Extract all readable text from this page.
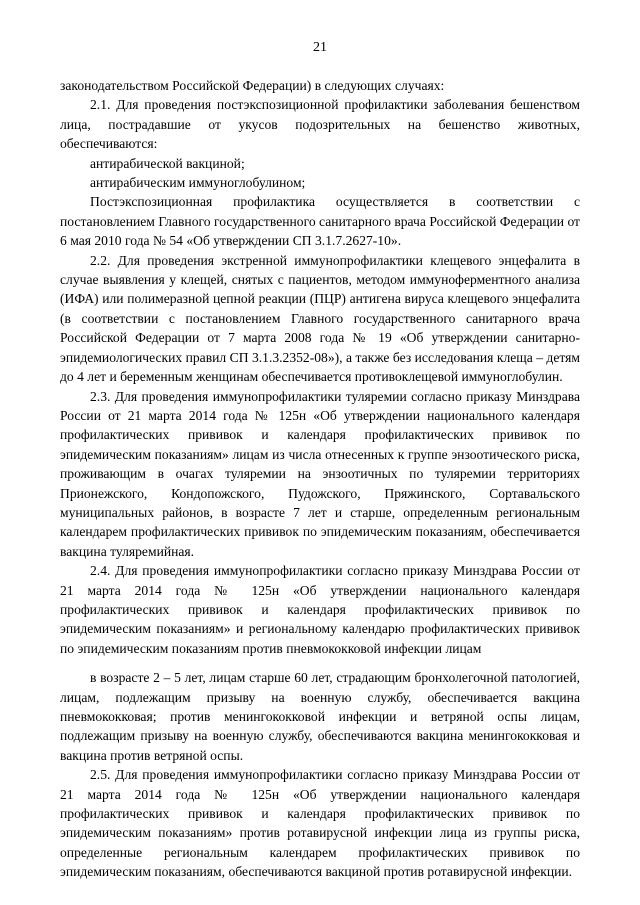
21

законодательством Российской Федерации) в следующих случаях:

2.1. Для проведения постэкспозиционной профилактики заболевания бешенством лица, пострадавшие от укусов подозрительных на бешенство животных, обеспечиваются:

антирабической вакциной;

антирабическим иммуноглобулином;

Постэкспозиционная профилактика осуществляется в соответствии с постановлением Главного государственного санитарного врача Российской Федерации от 6 мая 2010 года № 54 «Об утверждении СП 3.1.7.2627-10».

2.2. Для проведения экстренной иммунопрофилактики клещевого энцефалита в случае выявления у клещей, снятых с пациентов, методом иммуноферментного анализа (ИФА) или полимеразной цепной реакции (ПЦР) антигена вируса клещевого энцефалита (в соответствии с постановлением Главного государственного санитарного врача Российской Федерации от 7 марта 2008 года № 19 «Об утверждении санитарно-эпидемиологических правил СП 3.1.3.2352-08»), а также без исследования клеща – детям до 4 лет и беременным женщинам обеспечивается противоклещевой иммуноглобулин.

2.3. Для проведения иммунопрофилактики туляремии согласно приказу Минздрава России от 21 марта 2014 года № 125н «Об утверждении национального календаря профилактических прививок и календаря профилактических прививок по эпидемическим показаниям» лицам из числа отнесенных к группе энзоотического риска, проживающим в очагах туляремии на энзоотичных по туляремии территориях Прионежского, Кондопожского, Пудожского, Пряжинского, Сортавальского муниципальных районов, в возрасте 7 лет и старше, определенным региональным календарем профилактических прививок по эпидемическим показаниям, обеспечивается вакцина туляремийная.

2.4. Для проведения иммунопрофилактики согласно приказу Минздрава России от 21 марта 2014 года № 125н «Об утверждении национального календаря профилактических прививок и календаря профилактических прививок по эпидемическим показаниям» и региональному календарю профилактических прививок по эпидемическим показаниям против пневмококковой инфекции лицам

в возрасте 2 – 5 лет, лицам старше 60 лет, страдающим бронхолегочной патологией, лицам, подлежащим призыву на военную службу, обеспечивается вакцина пневмококковая; против менингококковой инфекции и ветряной оспы лицам, подлежащим призыву на военную службу, обеспечиваются вакцина менингококковая и вакцина против ветряной оспы.

2.5. Для проведения иммунопрофилактики согласно приказу Минздрава России от 21 марта 2014 года № 125н «Об утверждении национального календаря профилактических прививок и календаря профилактических прививок по эпидемическим показаниям» против ротавирусной инфекции лица из группы риска, определенные региональным календарем профилактических прививок по эпидемическим показаниям, обеспечиваются вакциной против ротавирусной инфекции.
